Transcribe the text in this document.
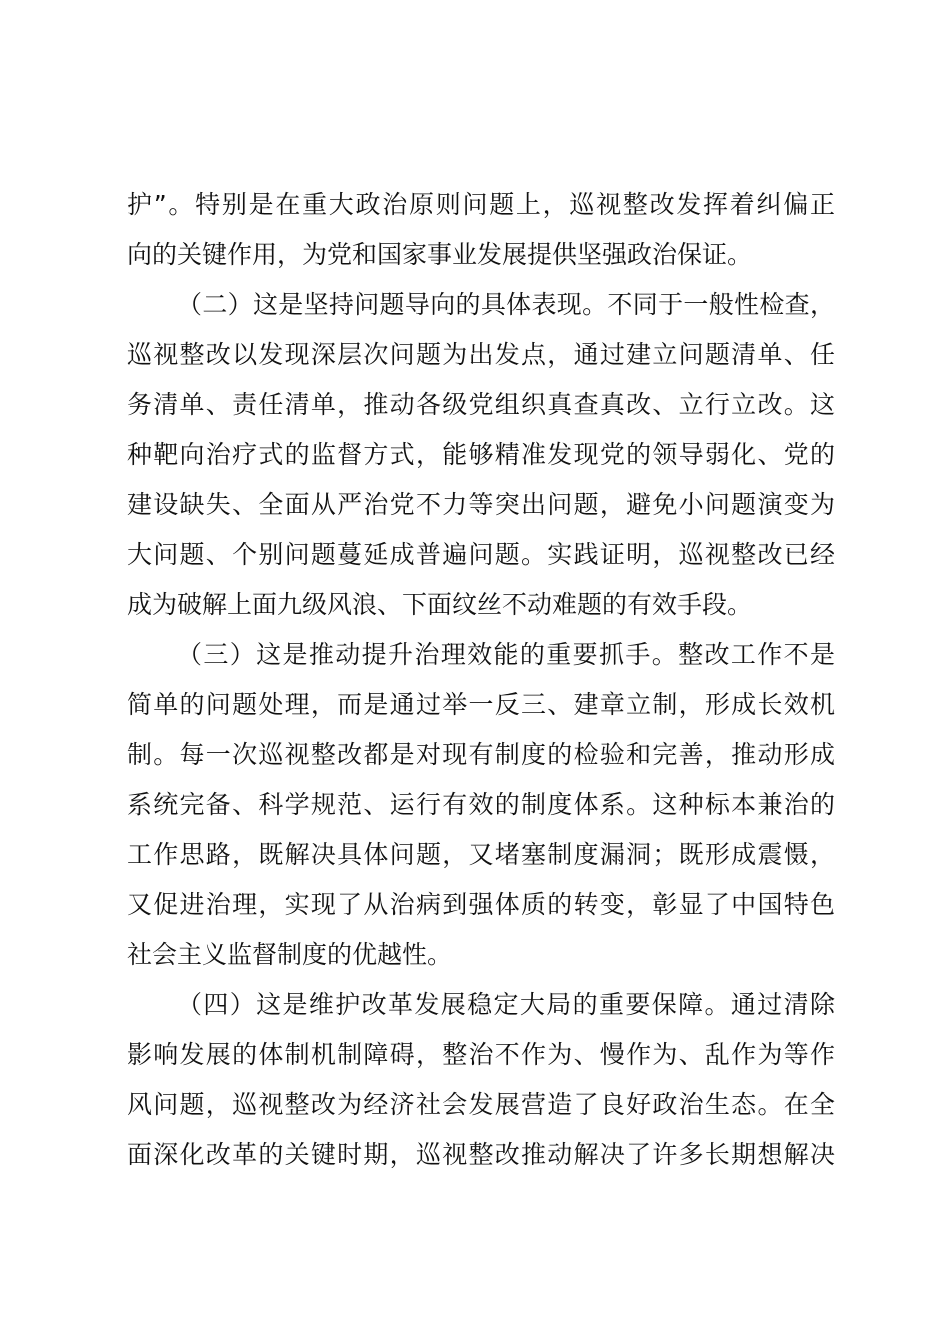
护”。特别是在重大政治原则问题上，巡视整改发挥着纠偏正
向的关键作用，为党和国家事业发展提供坚强政治保证。
（二）这是坚持问题导向的具体表现。不同于一般性检查，
巡视整改以发现深层次问题为出发点，通过建立问题清单、任
务清单、责任清单，推动各级党组织真查真改、立行立改。这
种靶向治疗式的监督方式，能够精准发现党的领导弱化、党的
建设缺失、全面从严治党不力等突出问题，避免小问题演变为
大问题、个别问题蔓延成普遍问题。实践证明，巡视整改已经
成为破解上面九级风浪、下面纹丝不动难题的有效手段。
（三）这是推动提升治理效能的重要抓手。整改工作不是
简单的问题处理，而是通过举一反三、建章立制，形成长效机
制。每一次巡视整改都是对现有制度的检验和完善，推动形成
系统完备、科学规范、运行有效的制度体系。这种标本兼治的
工作思路，既解决具体问题，又堵塞制度漏洞；既形成震慑，
又促进治理，实现了从治病到强体质的转变，彰显了中国特色
社会主义监督制度的优越性。
（四）这是维护改革发展稳定大局的重要保障。通过清除
影响发展的体制机制障碍，整治不作为、慢作为、乱作为等作
风问题，巡视整改为经济社会发展营造了良好政治生态。在全
面深化改革的关键时期，巡视整改推动解决了许多长期想解决
